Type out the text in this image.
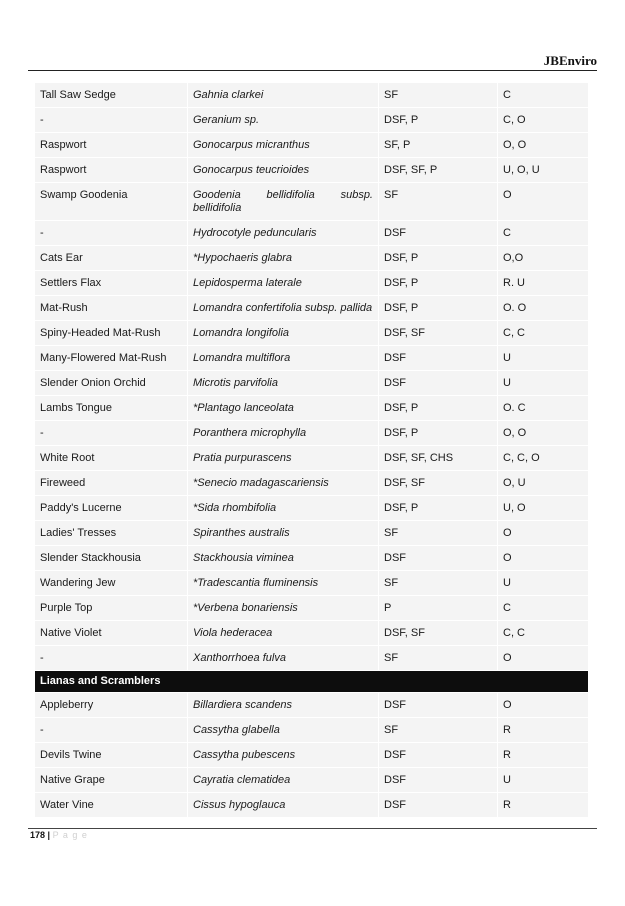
JBEnviro
Tall Saw Sedge	Gahnia clarkei	SF	C
-	Geranium sp.	DSF, P	C, O
Raspwort	Gonocarpus micranthus	SF, P	O, O
Raspwort	Gonocarpus teucrioides	DSF, SF, P	U, O, U
Swamp Goodenia	Goodenia bellidifolia subsp. bellidifolia	SF	O
-	Hydrocotyle peduncularis	DSF	C
Cats Ear	*Hypochaeris glabra	DSF, P	O,O
Settlers Flax	Lepidosperma laterale	DSF, P	R. U
Mat-Rush	Lomandra confertifolia subsp. pallida	DSF, P	O. O
Spiny-Headed Mat-Rush	Lomandra longifolia	DSF, SF	C, C
Many-Flowered Mat-Rush	Lomandra multiflora	DSF	U
Slender Onion Orchid	Microtis parvifolia	DSF	U
Lambs Tongue	*Plantago lanceolata	DSF, P	O. C
-	Poranthera microphylla	DSF, P	O, O
White Root	Pratia purpurascens	DSF, SF, CHS	C, C, O
Fireweed	*Senecio madagascariensis	DSF, SF	O, U
Paddy's Lucerne	*Sida rhombifolia	DSF, P	U, O
Ladies' Tresses	Spiranthes australis	SF	O
Slender Stackhousia	Stackhousia viminea	DSF	O
Wandering Jew	*Tradescantia fluminensis	SF	U
Purple Top	*Verbena bonariensis	P	C
Native Violet	Viola hederacea	DSF, SF	C, C
-	Xanthorrhoea fulva	SF	O
Lianas and Scramblers			
Appleberry	Billardiera scandens	DSF	O
-	Cassytha glabella	SF	R
Devils Twine	Cassytha pubescens	DSF	R
Native Grape	Cayratia clematidea	DSF	U
Water Vine	Cissus hypoglauca	DSF	R
178 | P a g e
